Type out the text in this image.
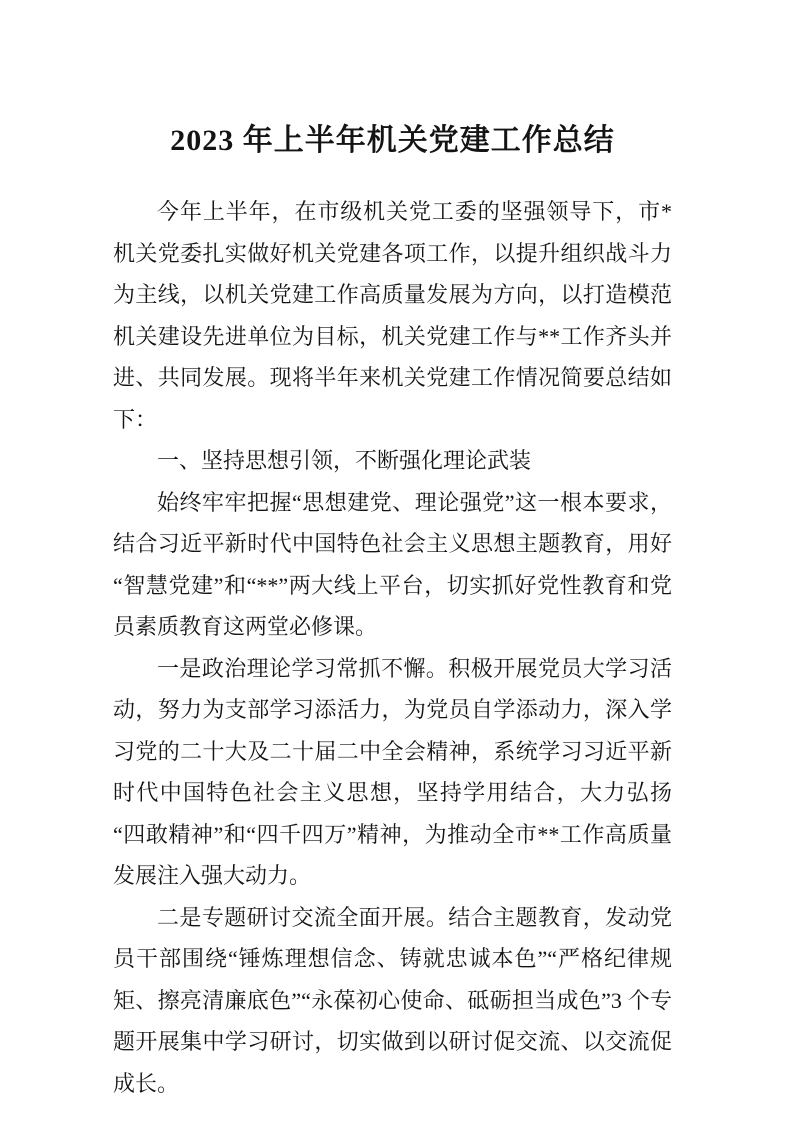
2023 年上半年机关党建工作总结

今年上半年，在市级机关党工委的坚强领导下，市*机关党委扎实做好机关党建各项工作，以提升组织战斗力为主线，以机关党建工作高质量发展为方向，以打造模范机关建设先进单位为目标，机关党建工作与**工作齐头并进、共同发展。现将半年来机关党建工作情况简要总结如下：

一、坚持思想引领，不断强化理论武装

始终牢牢把握“思想建党、理论强党”这一根本要求，结合习近平新时代中国特色社会主义思想主题教育，用好“智慧党建”和“**”两大线上平台，切实抓好党性教育和党员素质教育这两堂必修课。

一是政治理论学习常抓不懈。积极开展党员大学习活动，努力为支部学习添活力，为党员自学添动力，深入学习党的二十大及二十届二中全会精神，系统学习习近平新时代中国特色社会主义思想，坚持学用结合，大力弘扬“四敢精神”和“四千四万”精神，为推动全市**工作高质量发展注入强大动力。

二是专题研讨交流全面开展。结合主题教育，发动党员干部围绕“锤炼理想信念、铸就忠诚本色”“严格纪律规矩、擦亮清廉底色”“永葆初心使命、砥砺担当成色”3 个专题开展集中学习研讨，切实做到以研讨促交流、以交流促成长。
